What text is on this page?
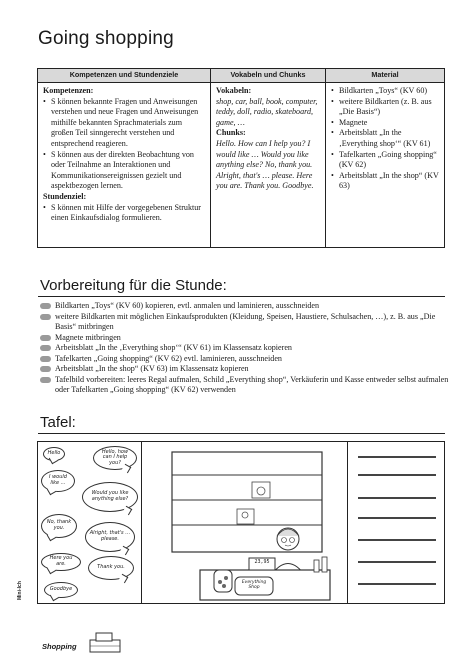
Going shopping
Kompetenzen und Stundenziele	Vokabeln und Chunks	Material
Kompetenzen:
• S können bekannte Fragen und Anweisungen verstehen und neue Fragen und Anweisungen mithilfe bekannten Sprachmaterials zum großen Teil sinngerecht verstehen und entsprechend reagieren.
• S können aus der direkten Beobachtung von oder Teilnahme an Interaktionen und Kommunikationsereignissen gezielt und aspektbezogen lernen.
Stundenziel:
• S können mit Hilfe der vorgegebenen Struktur einen Einkaufsdialog formulieren.
Vokabeln:
shop, car, ball, book, computer, teddy, doll, radio, skateboard, game, …
Chunks:
Hello. How can I help you? I would like … Would you like anything else? No, thank you. Alright, that's … please. Here you are. Thank you. Goodbye.
• Bildkarten „Toys“ (KV 60)
• weitere Bildkarten (z. B. aus „Die Basis“)
• Magnete
• Arbeitsblatt „In the ‚Everything shop‘“ (KV 61)
• Tafelkarten „Going shopping“ (KV 62)
• Arbeitsblatt „In the shop“ (KV 63)
Vorbereitung für die Stunde:
Bildkarten „Toys“ (KV 60) kopieren, evtl. anmalen und laminieren, ausschneiden
weitere Bildkarten mit möglichen Einkaufsprodukten (Kleidung, Speisen, Haustiere, Schulsachen, …), z. B. aus „Die Basis“ mitbringen
Magnete mitbringen
Arbeitsblatt „In the ‚Everything shop‘“ (KV 61) im Klassensatz kopieren
Tafelkarten „Going shopping“ (KV 62) evtl. laminieren, ausschneiden
Arbeitsblatt „In the shop“ (KV 63) im Klassensatz kopieren
Tafelbild vorbereiten: leeres Regal aufmalen, Schild „Everything shop“, Verkäuferin und Kasse entweder selbst aufmalen oder Tafelkarten „Going shopping“ (KV 62) verwenden
Tafel:
Hello	Hello, how can I help you?
I would like …
Would you like anything else?
No, thank you.
Alright, that's … please.
Here you are.
Thank you.
Goodbye
23,95
Everything Shop
Mini-Ich
Shopping
